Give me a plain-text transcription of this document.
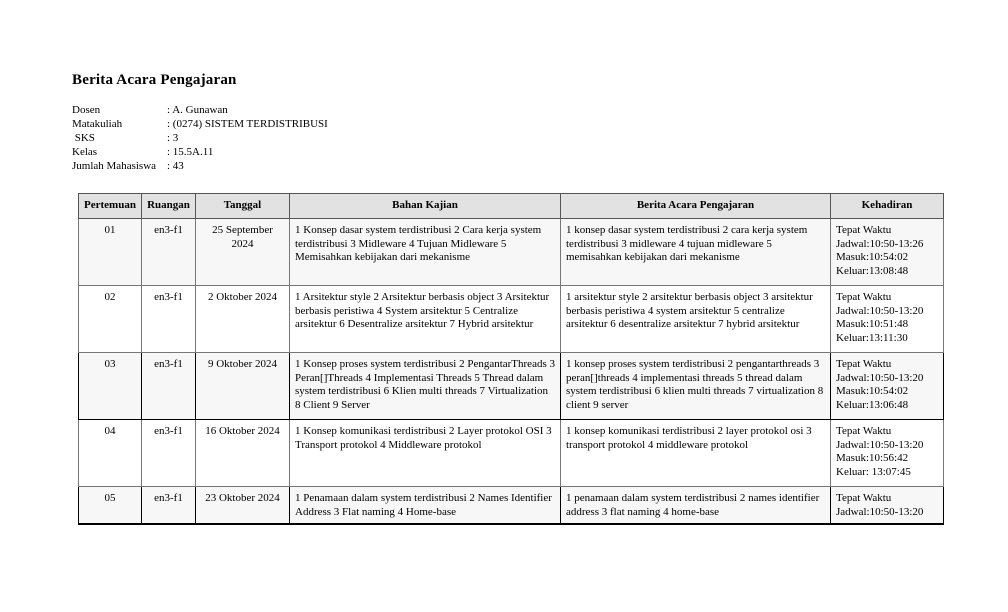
Berita Acara Pengajaran
Dosen	: A. Gunawan
Matakuliah	: (0274) SISTEM TERDISTRIBUSI
SKS	: 3
Kelas	: 15.5A.11
Jumlah Mahasiswa : 43
Pertemuan	Ruangan	Tanggal	Bahan Kajian	Berita Acara Pengajaran	Kehadiran
01	en3-f1	25 September 2024	1 Konsep dasar system terdistribusi 2 Cara kerja system terdistribusi 3 Midleware 4 Tujuan Midleware 5 Memisahkan kebijakan dari mekanisme	1 konsep dasar system terdistribusi 2 cara kerja system terdistribusi 3 midleware 4 tujuan midleware 5 memisahkan kebijakan dari mekanisme	Tepat Waktu
Jadwal:10:50-13:26
Masuk:10:54:02
Keluar:13:08:48

02	en3-f1	2 Oktober 2024	1 Arsitektur style 2 Arsitektur berbasis object 3 Arsitektur berbasis peristiwa 4 System arsitektur 5 Centralize arsitektur 6 Desentralize arsitektur 7 Hybrid arsitektur	1 arsitektur style 2 arsitektur berbasis object 3 arsitektur berbasis peristiwa 4 system arsitektur 5 centralize arsitektur 6 desentralize arsitektur 7 hybrid arsitektur	Tepat Waktu
Jadwal:10:50-13:20
Masuk:10:51:48
Keluar:13:11:30

03	en3-f1	9 Oktober 2024	1 Konsep proses system terdistribusi 2 PengantarThreads 3 Peran[]Threads 4 Implementasi Threads 5 Thread dalam system terdistribusi 6 Klien multi threads 7 Virtualization 8 Client 9 Server	1 konsep proses system terdistribusi 2 pengantarthreads 3 peran[]threads 4 implementasi threads 5 thread dalam system terdistribusi 6 klien multi threads 7 virtualization 8 client 9 server	Tepat Waktu
Jadwal:10:50-13:20
Masuk:10:54:02
Keluar:13:06:48

04	en3-f1	16 Oktober 2024	1 Konsep komunikasi terdistribusi 2 Layer protokol OSI 3 Transport protokol 4 Middleware protokol	1 konsep komunikasi terdistribusi 2 layer protokol osi 3 transport protokol 4 middleware protokol	Tepat Waktu
Jadwal:10:50-13:20
Masuk:10:56:42
Keluar: 13:07:45

05	en3-f1	23 Oktober 2024	1 Penamaan dalam system terdistribusi 2 Names Identifier Address 3 Flat naming 4 Home-base	1 penamaan dalam system terdistribusi 2 names identifier address 3 flat naming 4 home-base	Tepat Waktu
Jadwal:10:50-13:20
